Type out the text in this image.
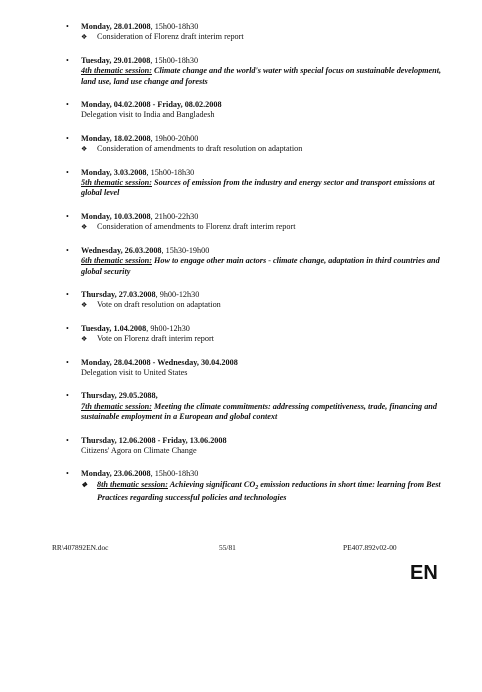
• Monday, 28.01.2008, 15h00-18h30
❖ Consideration of Florenz draft interim report
• Tuesday, 29.01.2008, 15h00-18h30
4th thematic session: Climate change and the world's water with special focus on sustainable development, land use, land use change and forests
• Monday, 04.02.2008 - Friday, 08.02.2008
Delegation visit to India and Bangladesh
• Monday, 18.02.2008, 19h00-20h00
❖ Consideration of amendments to draft resolution on adaptation
• Monday, 3.03.2008, 15h00-18h30
5th thematic session: Sources of emission from the industry and energy sector and transport emissions at global level
• Monday, 10.03.2008, 21h00-22h30
❖ Consideration of amendments to Florenz draft interim report
• Wednesday, 26.03.2008, 15h30-19h00
6th thematic session: How to engage other main actors - climate change, adaptation in third countries and global security
• Thursday, 27.03.2008, 9h00-12h30
❖ Vote on draft resolution on adaptation
• Tuesday, 1.04.2008, 9h00-12h30
❖ Vote on Florenz draft interim report
• Monday, 28.04.2008 - Wednesday, 30.04.2008
Delegation visit to United States
• Thursday, 29.05.2088,
7th thematic session: Meeting the climate commitments: addressing competitiveness, trade, financing and sustainable employment in a European and global context
• Thursday, 12.06.2008 - Friday, 13.06.2008
Citizens' Agora on Climate Change
• Monday, 23.06.2008, 15h00-18h30
❖ 8th thematic session: Achieving significant $CO_2$ emission reductions in short time: learning from Best Practices regarding successful policies and technologies
RR\407892EN.doc	55/81	PE407.892v02-00
EN
